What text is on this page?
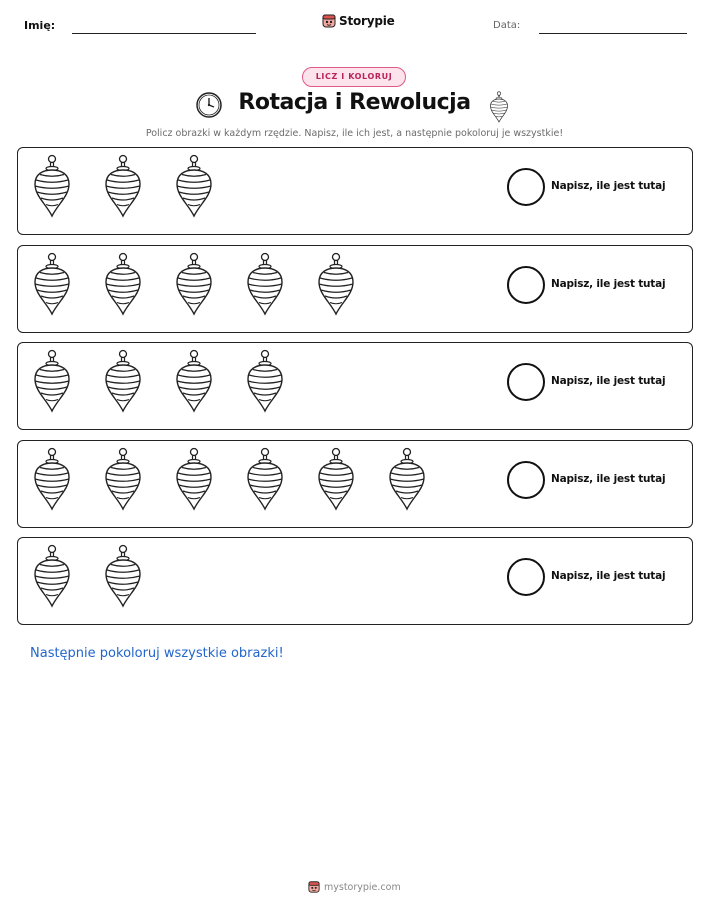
Imię:	Storypie	Data:
LICZ I KOLORUJ
Rotacja i Rewolucja
Policz obrazki w każdym rzędzie. Napisz, ile ich jest, a następnie pokoloruj je wszystkie!
Napisz, ile jest tutaj
Napisz, ile jest tutaj
Napisz, ile jest tutaj
Napisz, ile jest tutaj
Napisz, ile jest tutaj
Następnie pokoloruj wszystkie obrazki!
mystorypie.com
